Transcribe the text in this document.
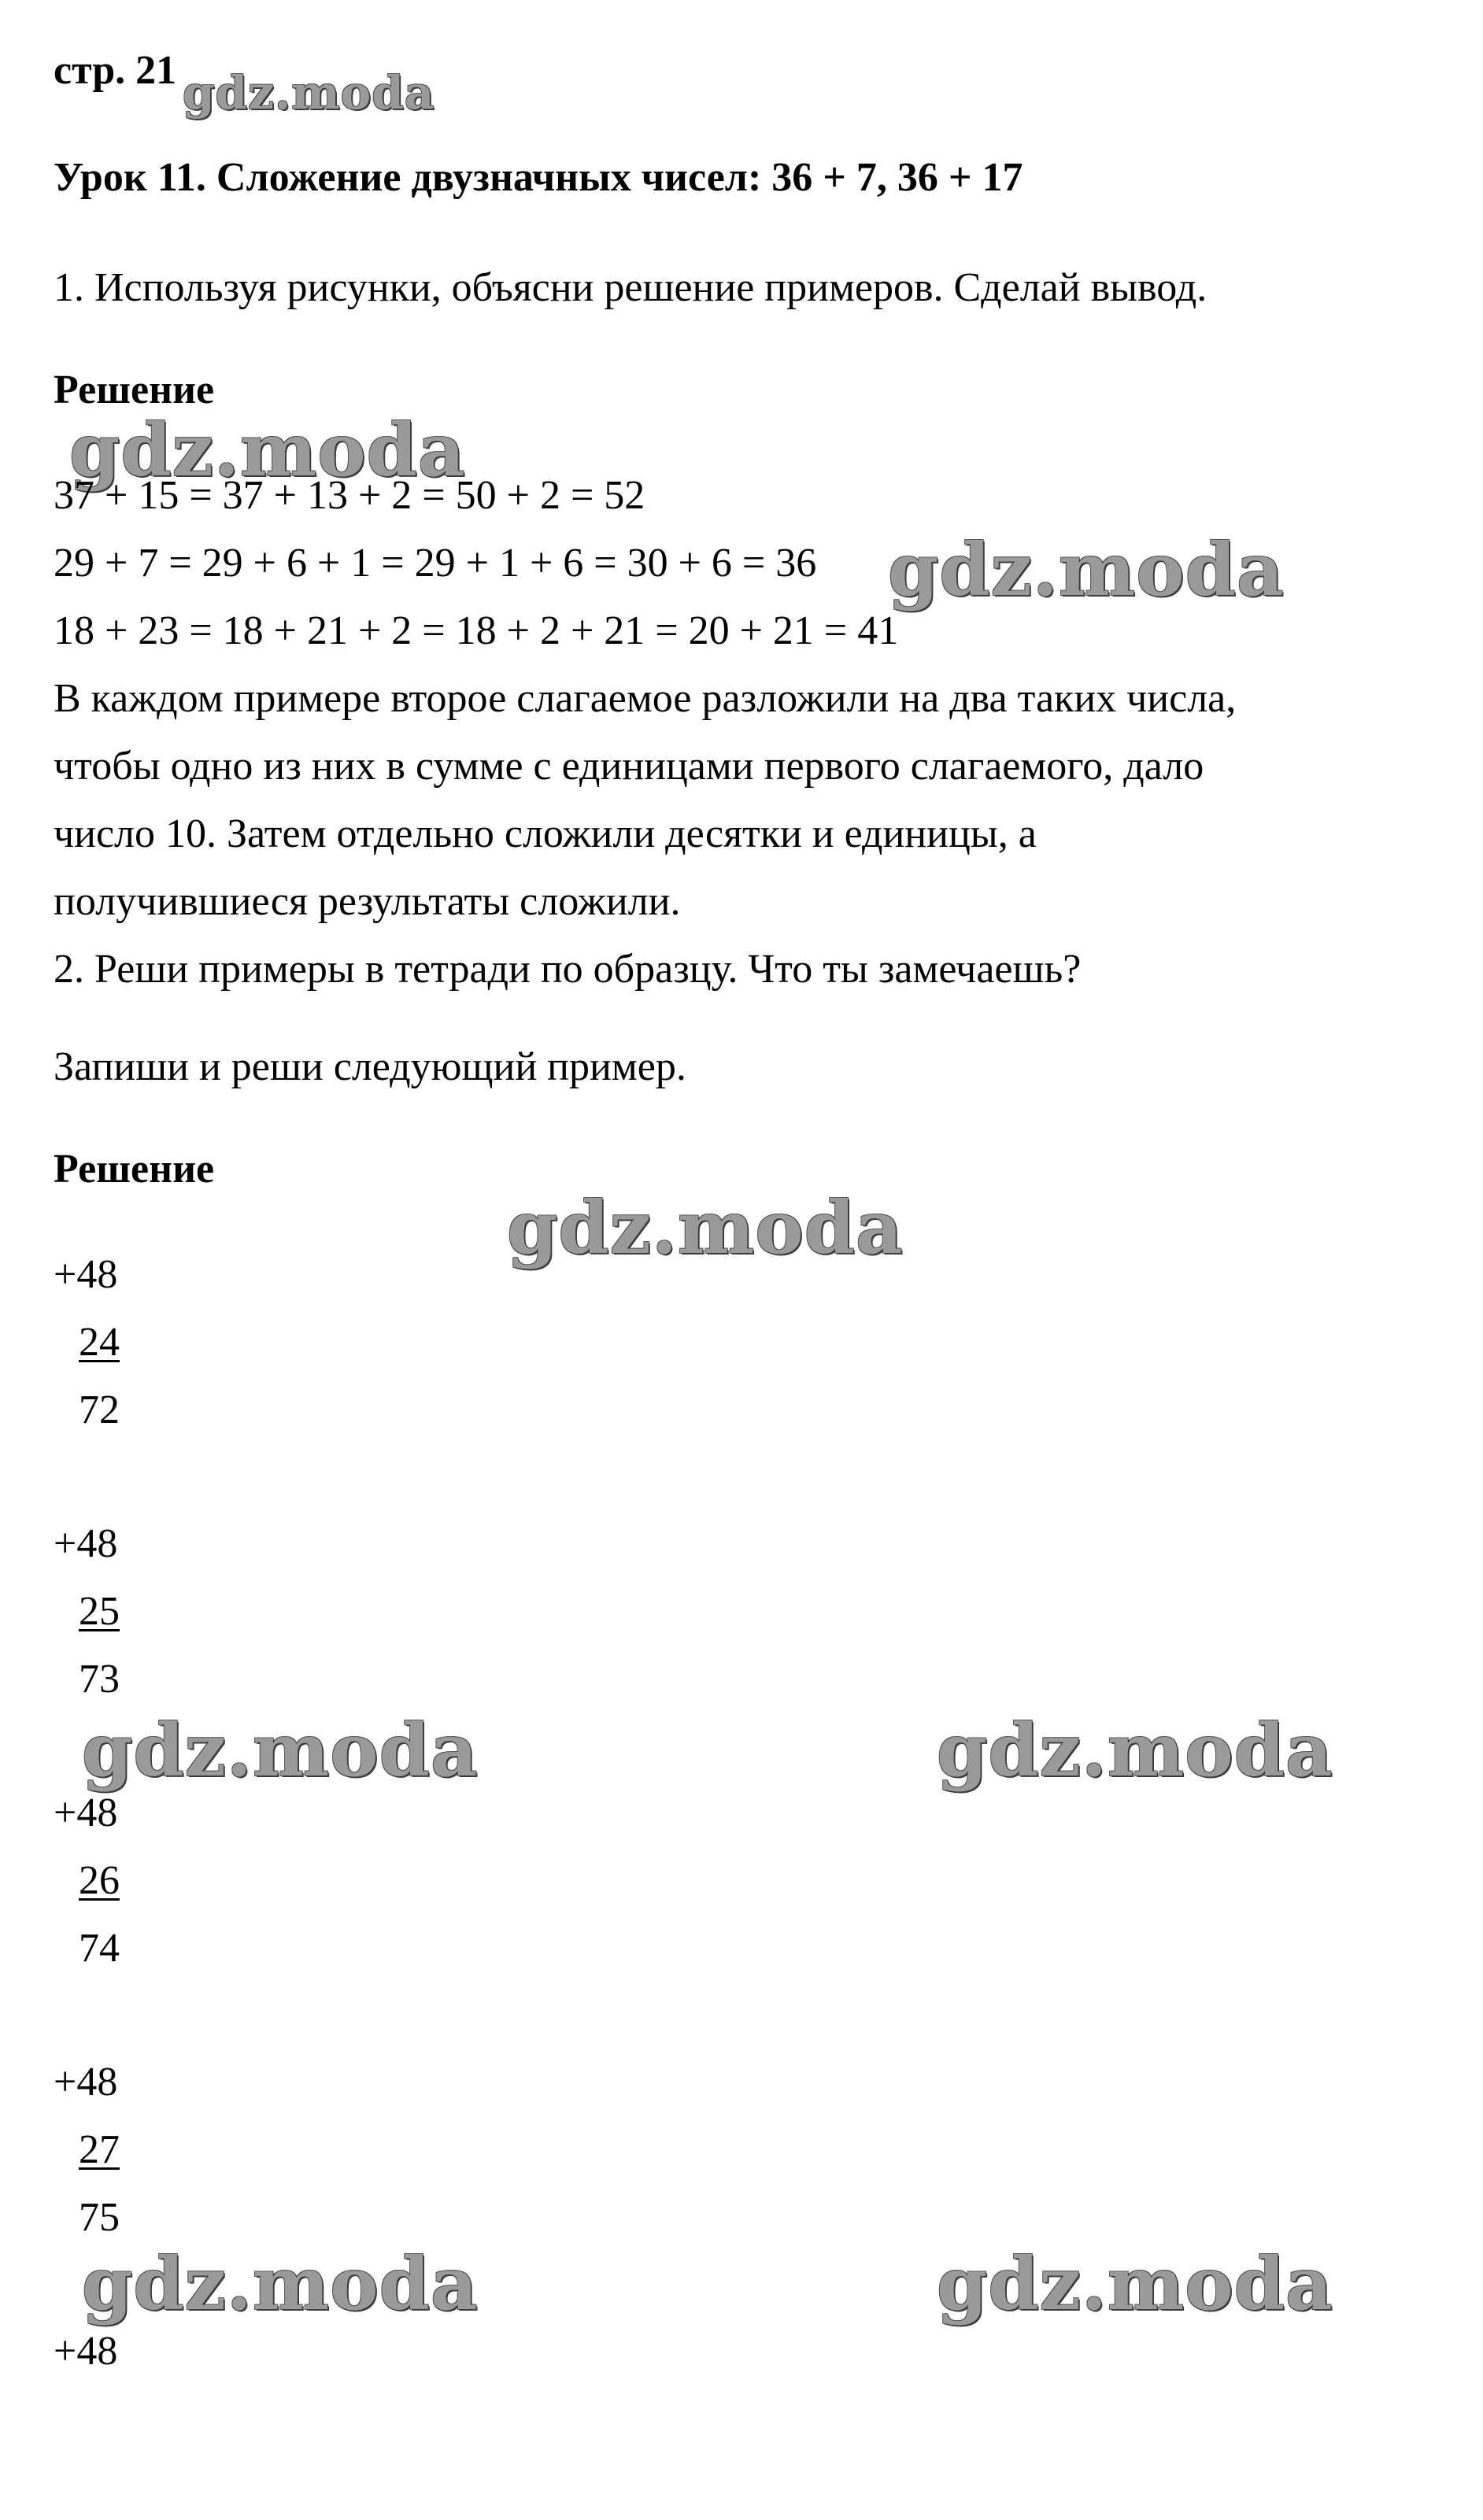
стр. 21 gdz.moda
Урок 11. Сложение двузначных чисел: 36 + 7, 36 + 17
1. Используя рисунки, объясни решение примеров. Сделай вывод.
Решение
gdz.moda
37 + 15 = 37 + 13 + 2 = 50 + 2 = 52
29 + 7 = 29 + 6 + 1 = 29 + 1 + 6 = 30 + 6 = 36 gdz.moda
18 + 23 = 18 + 21 + 2 = 18 + 2 + 21 = 20 + 21 = 41
В каждом примере второе слагаемое разложили на два таких числа,
чтобы одно из них в сумме с единицами первого слагаемого, дало
число 10. Затем отдельно сложили десятки и единицы, а
получившиеся результаты сложили.
2. Реши примеры в тетради по образцу. Что ты замечаешь?
Запиши и реши следующий пример.
Решение
gdz.moda
+48
24
72
+48
25
73
gdz.moda	gdz.moda
+48
26
74
+48
27
75
gdz.moda	gdz.moda
+48
